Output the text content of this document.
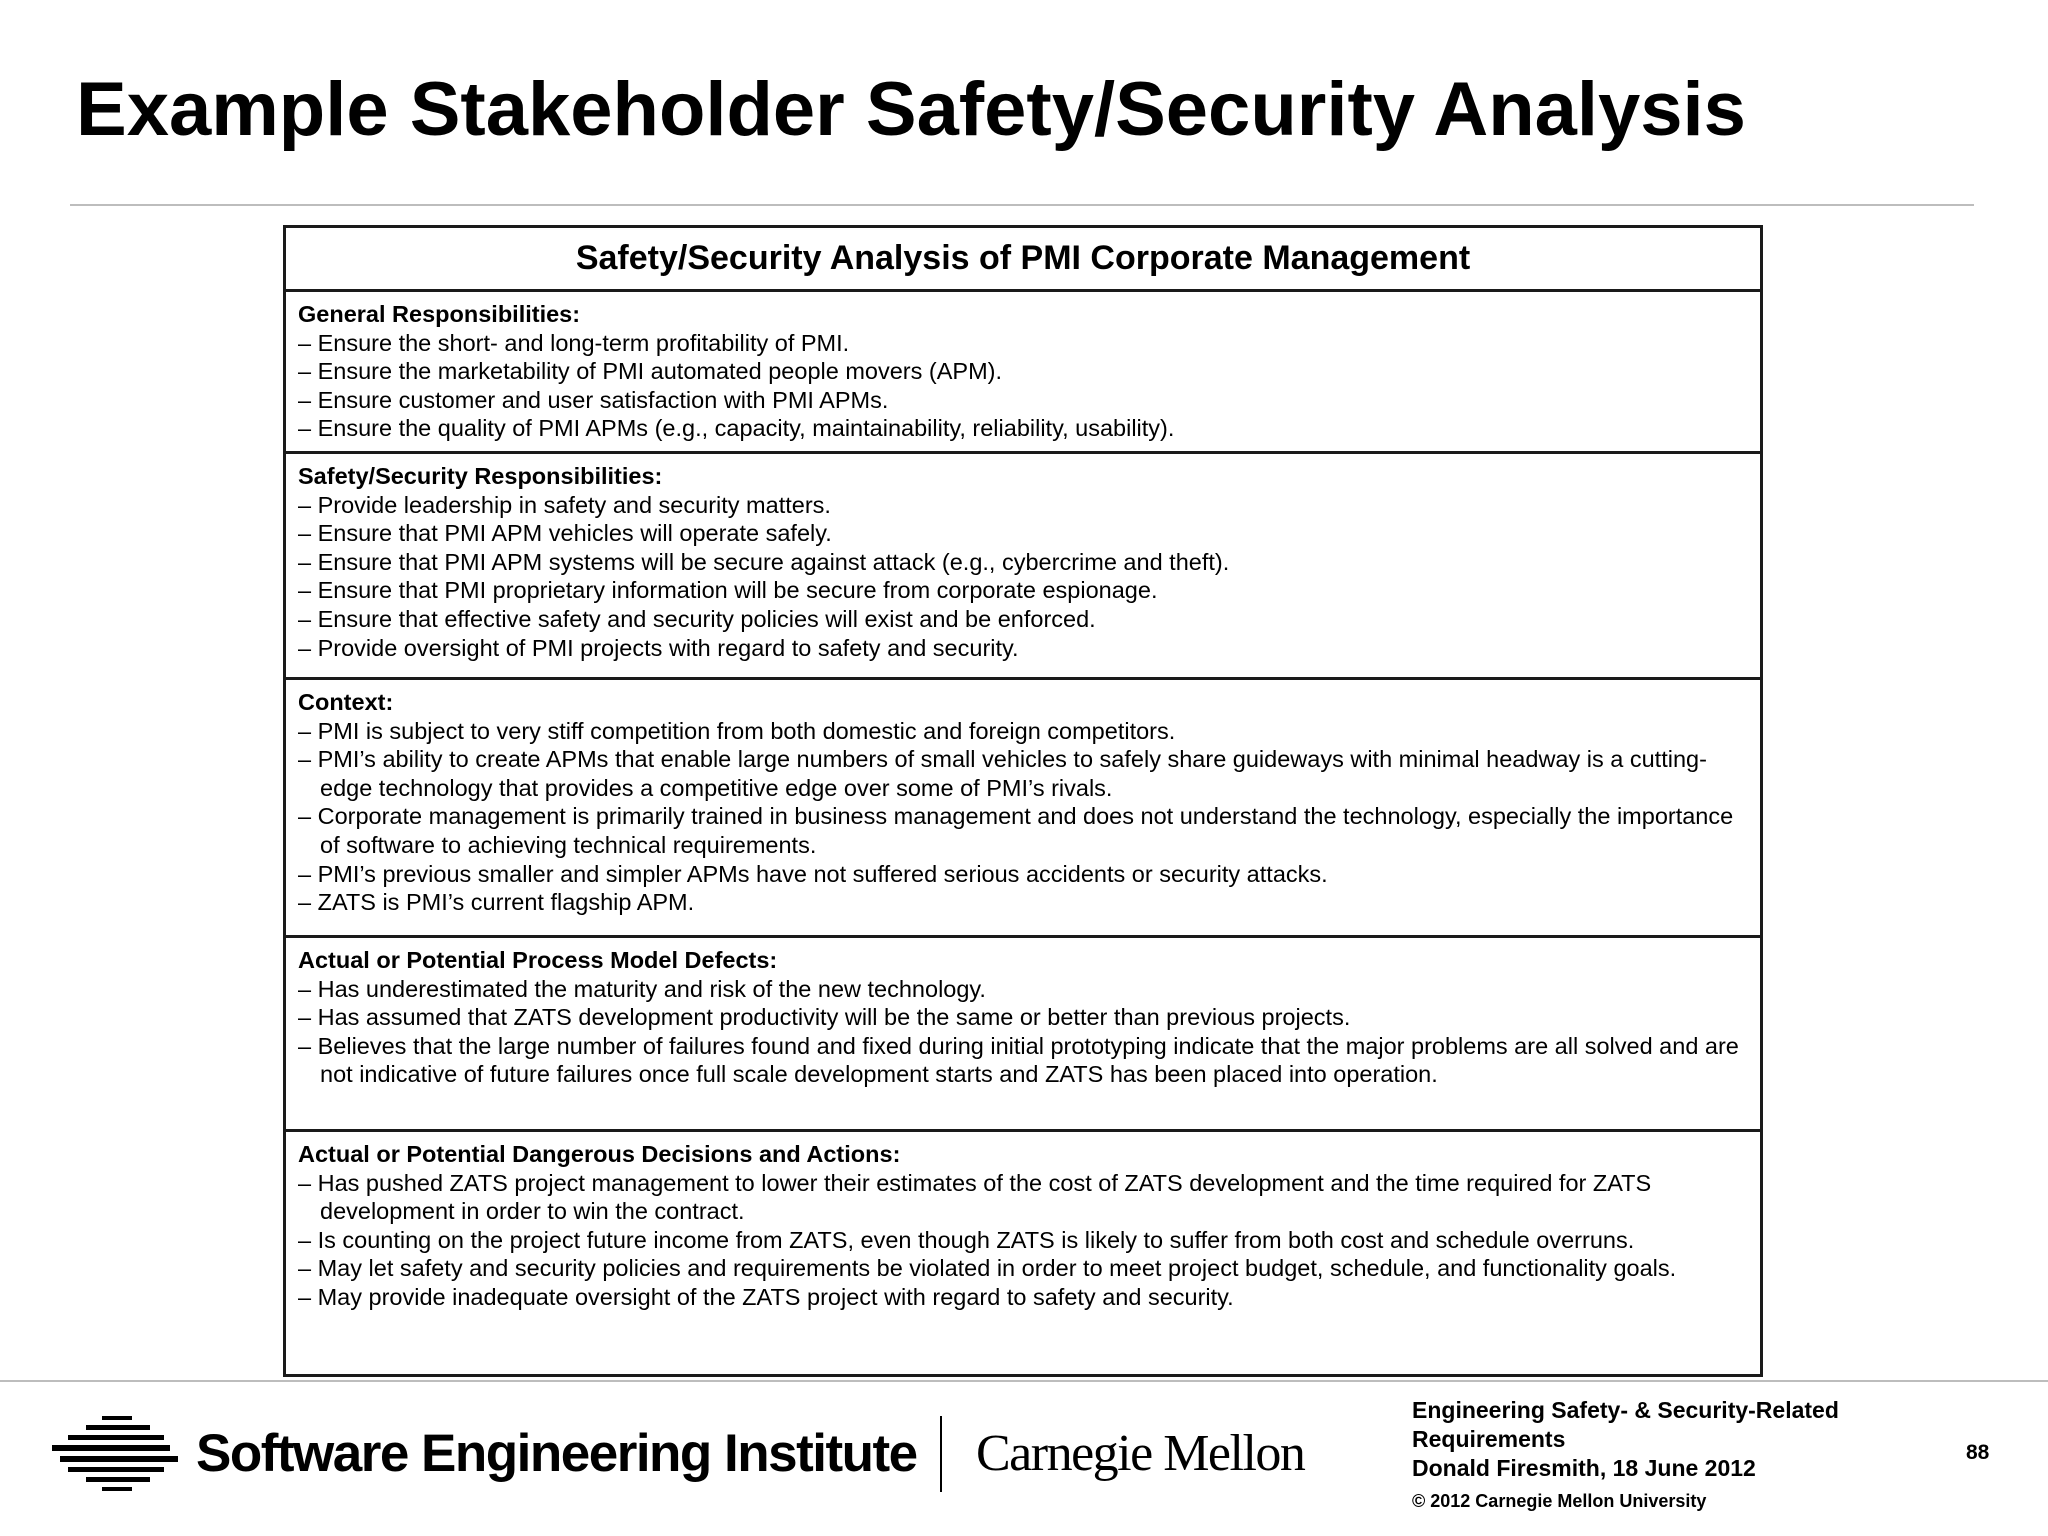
Example Stakeholder Safety/Security Analysis
Safety/Security Analysis of PMI Corporate Management
General Responsibilities:
– Ensure the short- and long-term profitability of PMI.
– Ensure the marketability of PMI automated people movers (APM).
– Ensure customer and user satisfaction with PMI APMs.
– Ensure the quality of PMI APMs (e.g., capacity, maintainability, reliability, usability).
Safety/Security Responsibilities:
– Provide leadership in safety and security matters.
– Ensure that PMI APM vehicles will operate safely.
– Ensure that PMI APM systems will be secure against attack (e.g., cybercrime and theft).
– Ensure that PMI proprietary information will be secure from corporate espionage.
– Ensure that effective safety and security policies will exist and be enforced.
– Provide oversight of PMI projects with regard to safety and security.
Context:
– PMI is subject to very stiff competition from both domestic and foreign competitors.
– PMI’s ability to create APMs that enable large numbers of small vehicles to safely share guideways with minimal headway is a cutting-edge technology that provides a competitive edge over some of PMI’s rivals.
– Corporate management is primarily trained in business management and does not understand the technology, especially the importance of software to achieving technical requirements.
– PMI’s previous smaller and simpler APMs have not suffered serious accidents or security attacks.
– ZATS is PMI’s current flagship APM.
Actual or Potential Process Model Defects:
– Has underestimated the maturity and risk of the new technology.
– Has assumed that ZATS development productivity will be the same or better than previous projects.
– Believes that the large number of failures found and fixed during initial prototyping indicate that the major problems are all solved and are not indicative of future failures once full scale development starts and ZATS has been placed into operation.
Actual or Potential Dangerous Decisions and Actions:
– Has pushed ZATS project management to lower their estimates of the cost of ZATS development and the time required for ZATS development in order to win the contract.
– Is counting on the project future income from ZATS, even though ZATS is likely to suffer from both cost and schedule overruns.
– May let safety and security policies and requirements be violated in order to meet project budget, schedule, and functionality goals.
– May provide inadequate oversight of the ZATS project with regard to safety and security.
Software Engineering Institute Carnegie Mellon
Engineering Safety- & Security-Related
Requirements
Donald Firesmith, 18 June 2012
© 2012 Carnegie Mellon University
88
